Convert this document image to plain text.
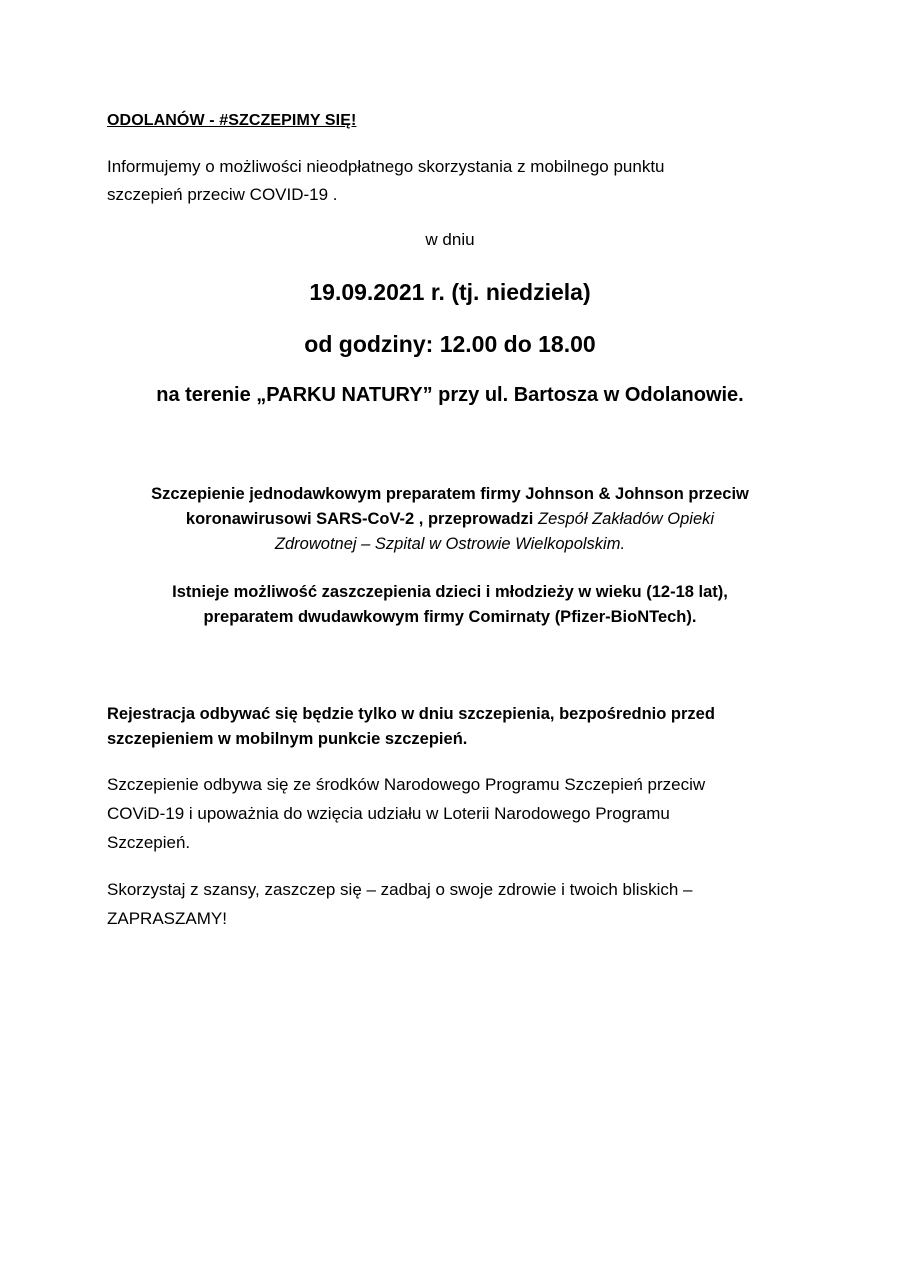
ODOLANÓW - #SZCZEPIMY SIĘ!

Informujemy o możliwości nieodpłatnego skorzystania z mobilnego punktu
szczepień przeciw COVID-19 .

w dniu

19.09.2021 r. (tj. niedziela)

od godziny: 12.00 do 18.00

na terenie „PARKU NATURY” przy ul. Bartosza w Odolanowie.

Szczepienie jednodawkowym preparatem firmy Johnson & Johnson przeciw
koronawirusowi SARS-CoV-2 , przeprowadzi Zespół Zakładów Opieki
Zdrowotnej – Szpital w Ostrowie Wielkopolskim.

Istnieje możliwość zaszczepienia dzieci i młodzieży w wieku (12-18 lat),
preparatem dwudawkowym firmy Comirnaty (Pfizer-BioNTech).

Rejestracja odbywać się będzie tylko w dniu szczepienia, bezpośrednio przed
szczepieniem w mobilnym punkcie szczepień.

Szczepienie odbywa się ze środków Narodowego Programu Szczepień przeciw
COViD-19 i upoważnia do wzięcia udziału w Loterii Narodowego Programu
Szczepień.

Skorzystaj z szansy, zaszczep się – zadbaj o swoje zdrowie i twoich bliskich –
ZAPRASZAMY!
